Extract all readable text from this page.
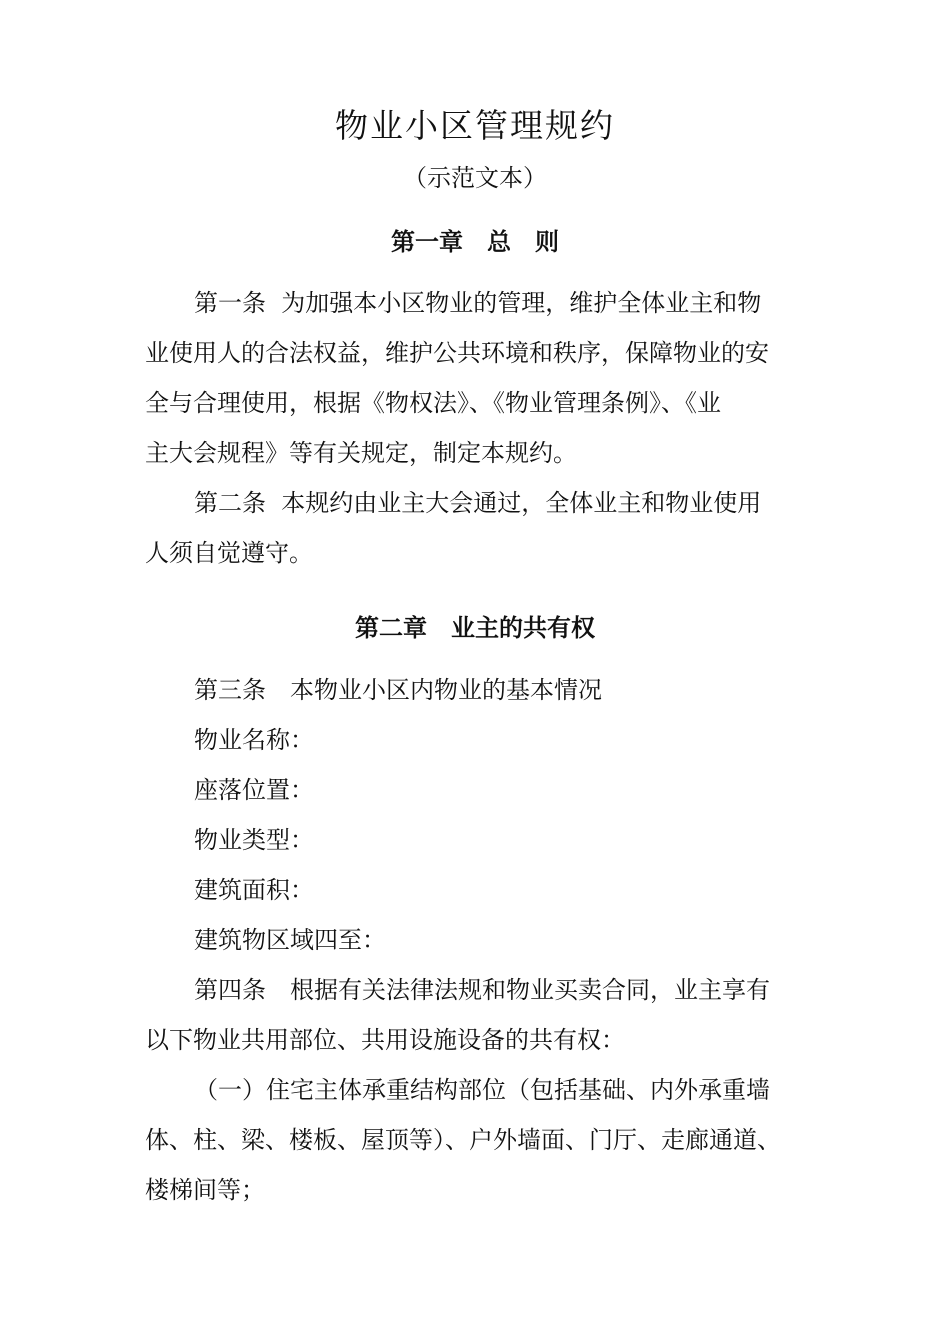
物业小区管理规约

（示范文本）

第一章　总　则

第一条  为加强本小区物业的管理，维护全体业主和物

业使用人的合法权益，维护公共环境和秩序，保障物业的安

全与合理使用，根据《物权法》、《物业管理条例》、《业

主大会规程》等有关规定，制定本规约。

第二条  本规约由业主大会通过，全体业主和物业使用

人须自觉遵守。

第二章　业主的共有权

第三条　本物业小区内物业的基本情况

物业名称：

座落位置：

物业类型：

建筑面积：

建筑物区域四至：

第四条　根据有关法律法规和物业买卖合同，业主享有

以下物业共用部位、共用设施设备的共有权：

（一）住宅主体承重结构部位（包括基础、内外承重墙

体、柱、梁、楼板、屋顶等）、户外墙面、门厅、走廊通道、

楼梯间等；
